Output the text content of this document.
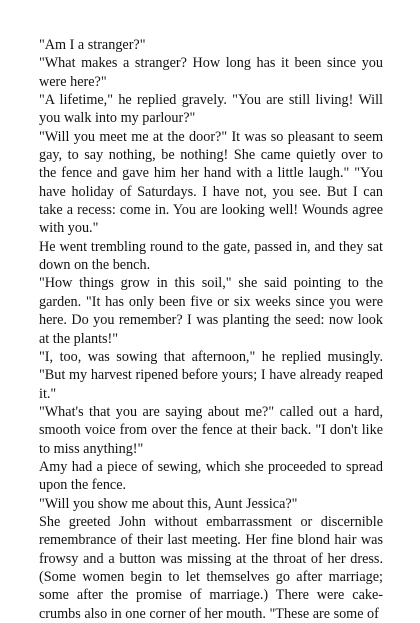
"Am I a stranger?"

"What makes a stranger? How long has it been since you were here?"

"A lifetime," he replied gravely. "You are still living! Will you walk into my parlour?"

"Will you meet me at the door?" It was so pleasant to seem gay, to say nothing, be nothing! She came quietly over to the fence and gave him her hand with a little laugh." "You have holiday of Saturdays. I have not, you see. But I can take a recess: come in. You are looking well! Wounds agree with you."

He went trembling round to the gate, passed in, and they sat down on the bench.

"How things grow in this soil," she said pointing to the garden. "It has only been five or six weeks since you were here. Do you remember? I was planting the seed: now look at the plants!"

"I, too, was sowing that afternoon," he replied musingly. "But my harvest ripened before yours; I have already reaped it."

"What's that you are saying about me?" called out a hard, smooth voice from over the fence at their back. "I don't like to miss anything!"

Amy had a piece of sewing, which she proceeded to spread upon the fence.

"Will you show me about this, Aunt Jessica?"

She greeted John without embarrassment or discernible remembrance of their last meeting. Her fine blond hair was frowsy and a button was missing at the throat of her dress. (Some women begin to let themselves go after marriage; some after the promise of marriage.) There were cake-crumbs also in one corner of her mouth. "These are some of
